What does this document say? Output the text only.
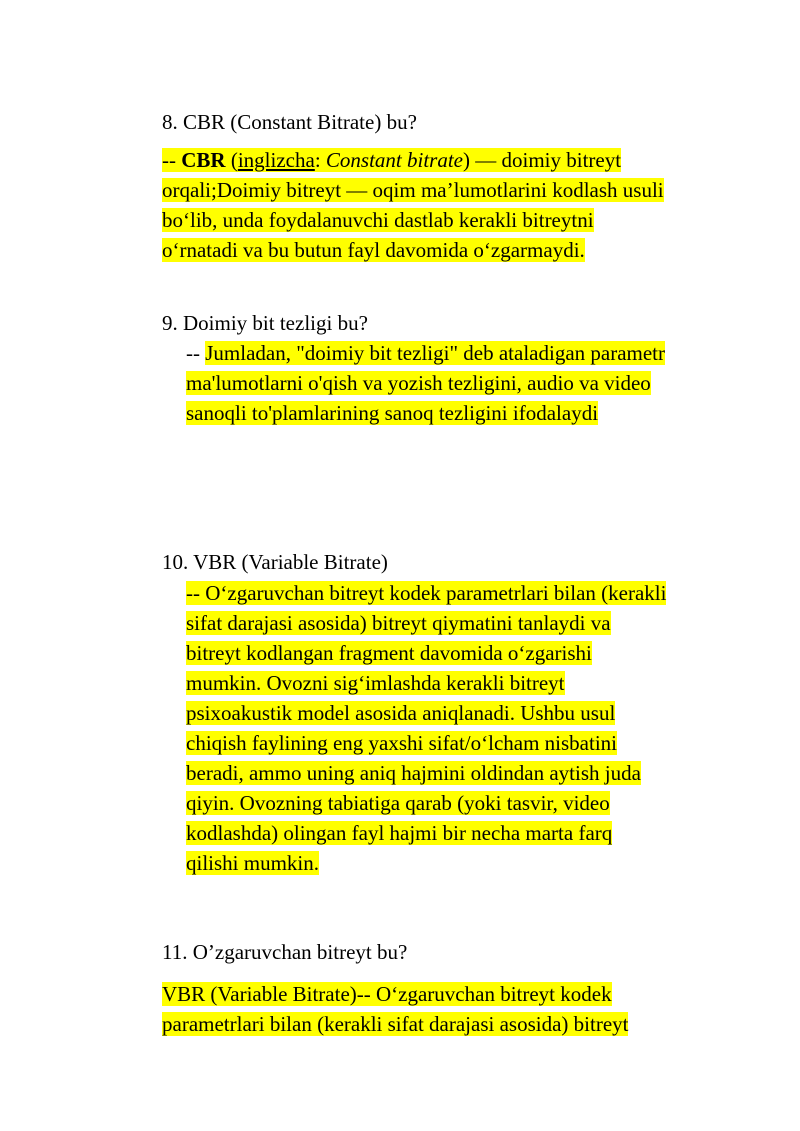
8. CBR (Constant Bitrate) bu?
-- CBR (inglizcha: Constant bitrate) — doimiy bitreyt
orqali;Doimiy bitreyt — oqim ma’lumotlarini kodlash usuli
bo‘lib, unda foydalanuvchi dastlab kerakli bitreytni
o‘rnatadi va bu butun fayl davomida o‘zgarmaydi.
9. Doimiy bit tezligi bu?
-- Jumladan, "doimiy bit tezligi" deb ataladigan parametr
ma'lumotlarni o'qish va yozish tezligini, audio va video
sanoqli to'plamlarining sanoq tezligini ifodalaydi
10. VBR (Variable Bitrate)
-- O‘zgaruvchan bitreyt kodek parametrlari bilan (kerakli
sifat darajasi asosida) bitreyt qiymatini tanlaydi va
bitreyt kodlangan fragment davomida o‘zgarishi
mumkin. Ovozni sig‘imlashda kerakli bitreyt
psixoakustik model asosida aniqlanadi. Ushbu usul
chiqish faylining eng yaxshi sifat/o‘lcham nisbatini
beradi, ammo uning aniq hajmini oldindan aytish juda
qiyin. Ovozning tabiatiga qarab (yoki tasvir, video
kodlashda) olingan fayl hajmi bir necha marta farq
qilishi mumkin.
11. O’zgaruvchan bitreyt bu?
VBR (Variable Bitrate)-- O‘zgaruvchan bitreyt kodek
parametrlari bilan (kerakli sifat darajasi asosida) bitreyt
